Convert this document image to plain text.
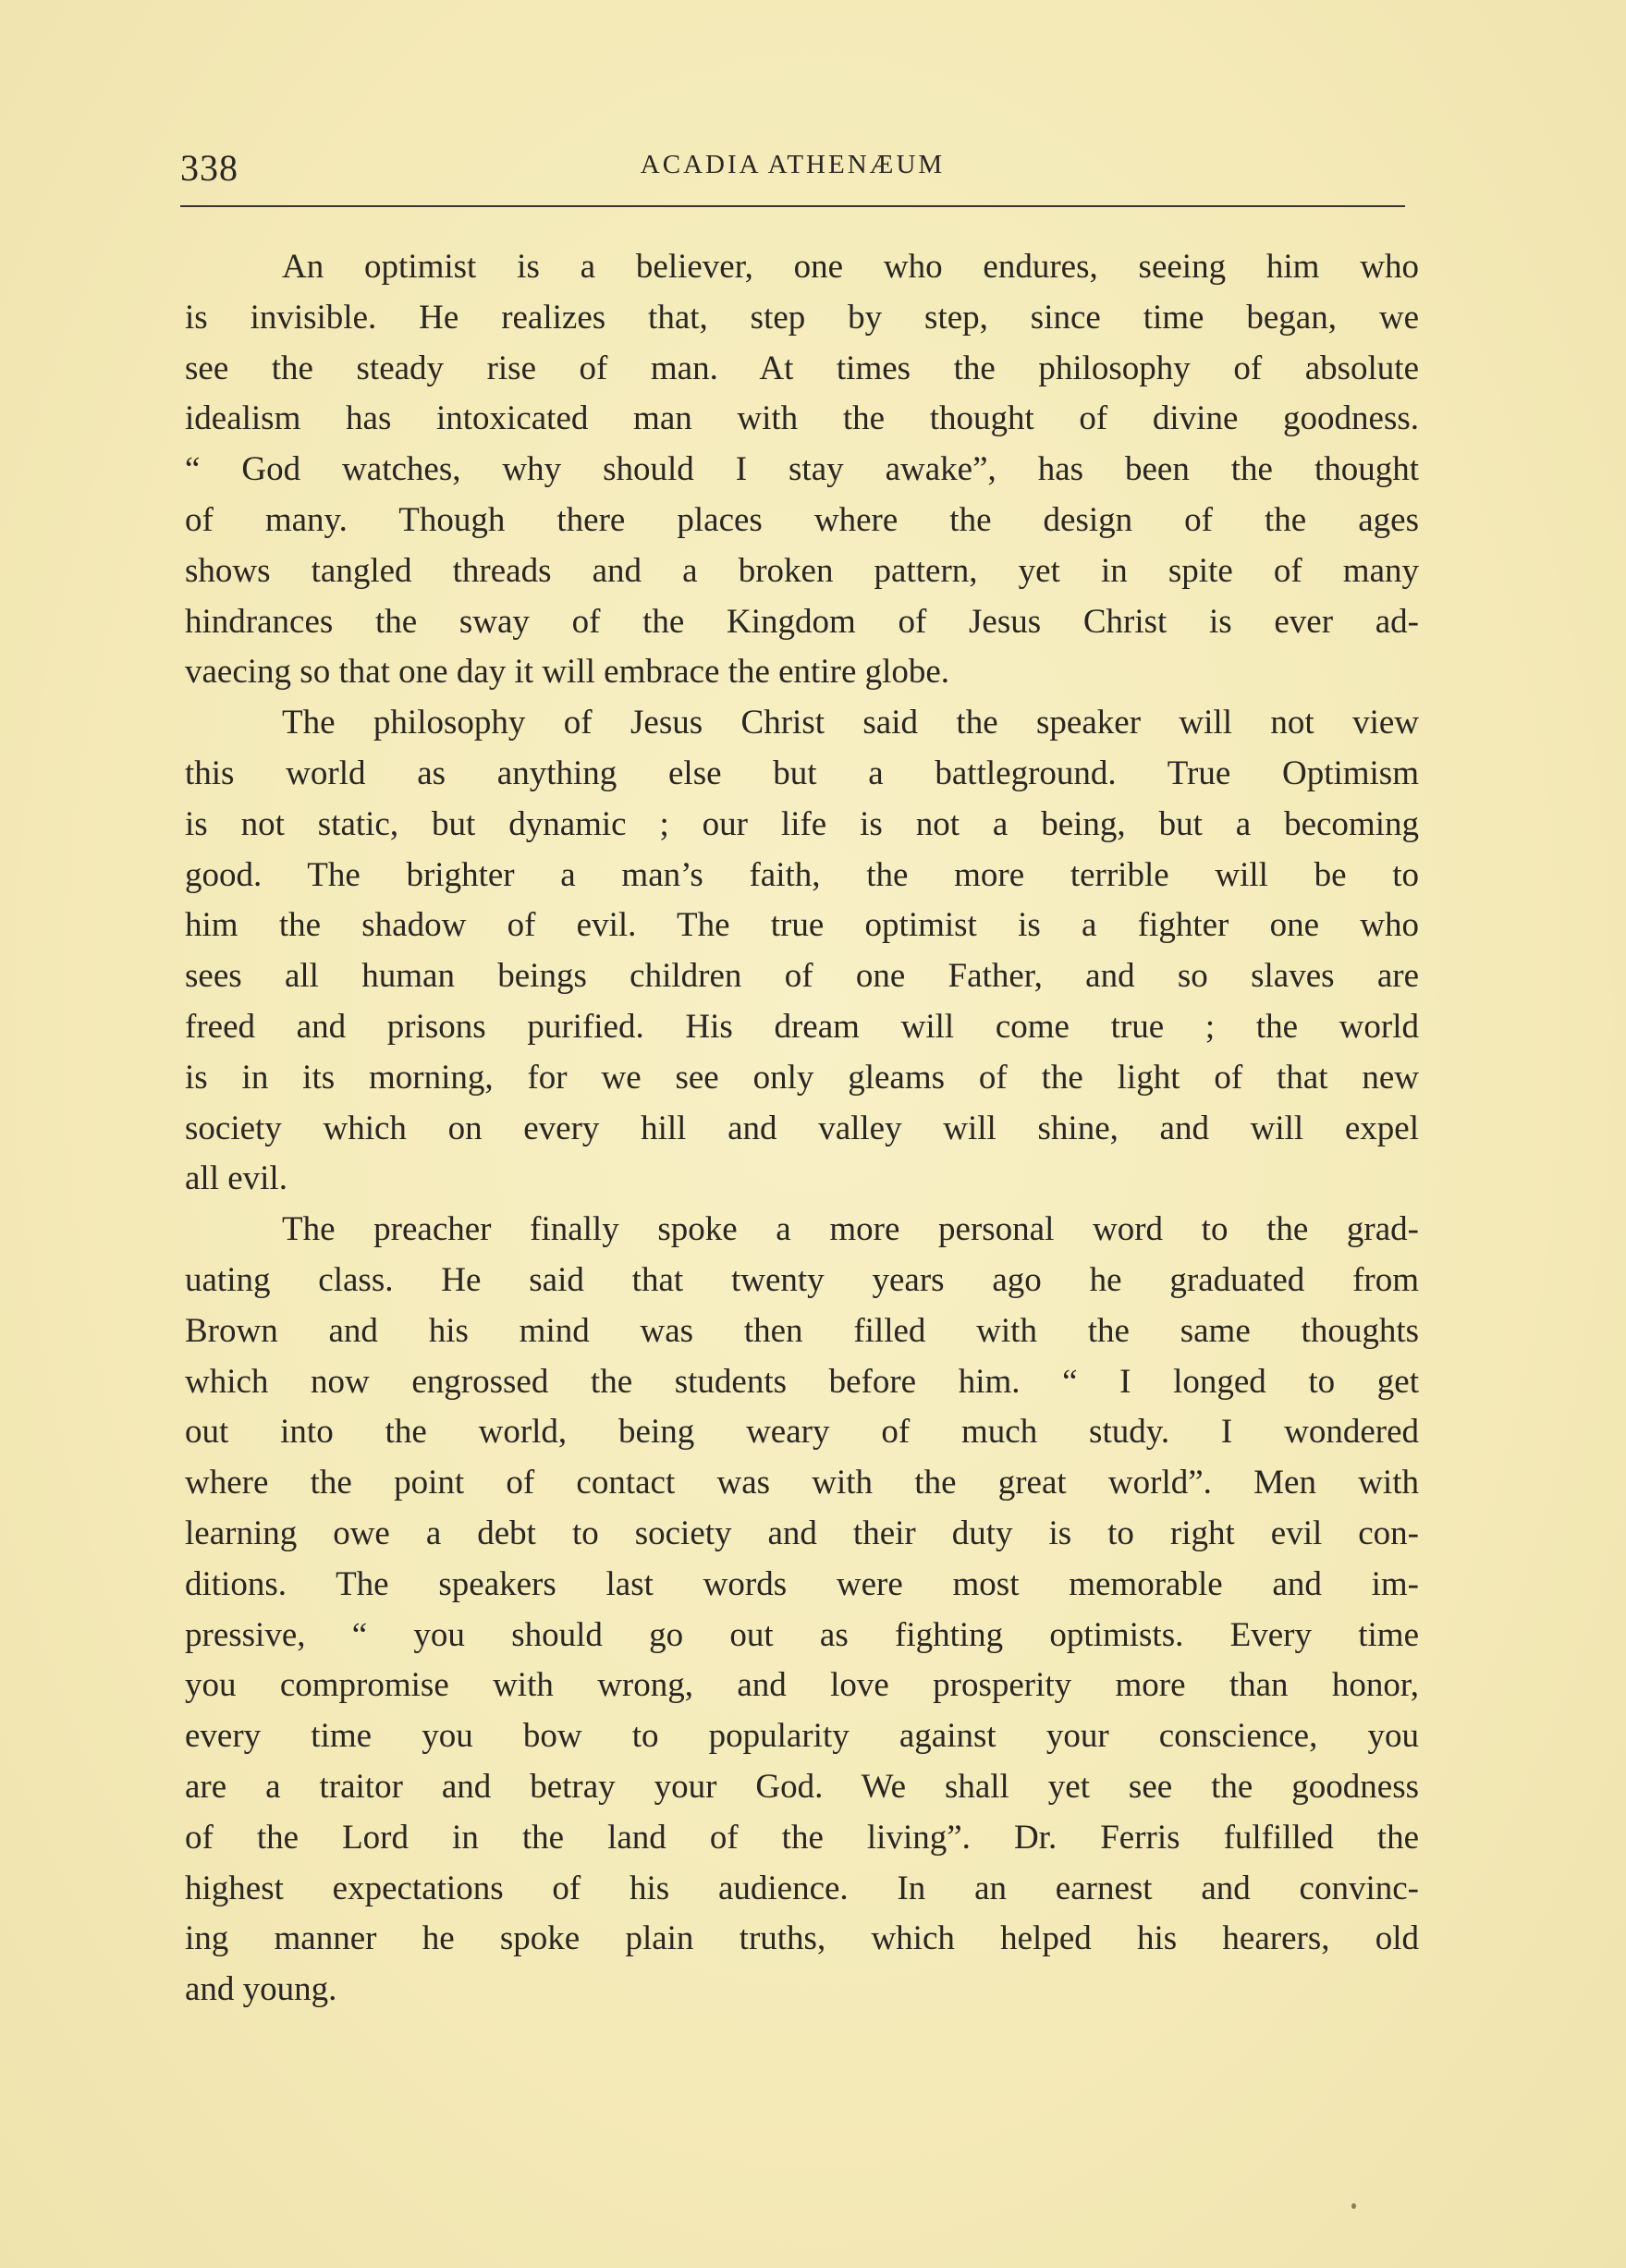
338	ACADIA ATHENÆUM
An optimist is a believer, one who endures, seeing him who
is invisible. He realizes that, step by step, since time began, we
see the steady rise of man. At times the philosophy of absolute
idealism has intoxicated man with the thought of divine goodness.
“ God watches, why should I stay awake”, has been the thought
of many. Though there places where the design of the ages
shows tangled threads and a broken pattern, yet in spite of many
hindrances the sway of the Kingdom of Jesus Christ is ever ad-
vaecing so that one day it will embrace the entire globe.
The philosophy of Jesus Christ said the speaker will not view
this world as anything else but a battleground. True Optimism
is not static, but dynamic ; our life is not a being, but a becoming
good. The brighter a man’s faith, the more terrible will be to
him the shadow of evil. The true optimist is a fighter one who
sees all human beings children of one Father, and so slaves are
freed and prisons purified. His dream will come true ; the world
is in its morning, for we see only gleams of the light of that new
society which on every hill and valley will shine, and will expel
all evil.
The preacher finally spoke a more personal word to the grad-
uating class. He said that twenty years ago he graduated from
Brown and his mind was then filled with the same thoughts
which now engrossed the students before him. “ I longed to get
out into the world, being weary of much study. I wondered
where the point of contact was with the great world”. Men with
learning owe a debt to society and their duty is to right evil con-
ditions. The speakers last words were most memorable and im-
pressive, “ you should go out as fighting optimists. Every time
you compromise with wrong, and love prosperity more than honor,
every time you bow to popularity against your conscience, you
are a traitor and betray your God. We shall yet see the goodness
of the Lord in the land of the living”. Dr. Ferris fulfilled the
highest expectations of his audience. In an earnest and convinc-
ing manner he spoke plain truths, which helped his hearers, old
and young.
